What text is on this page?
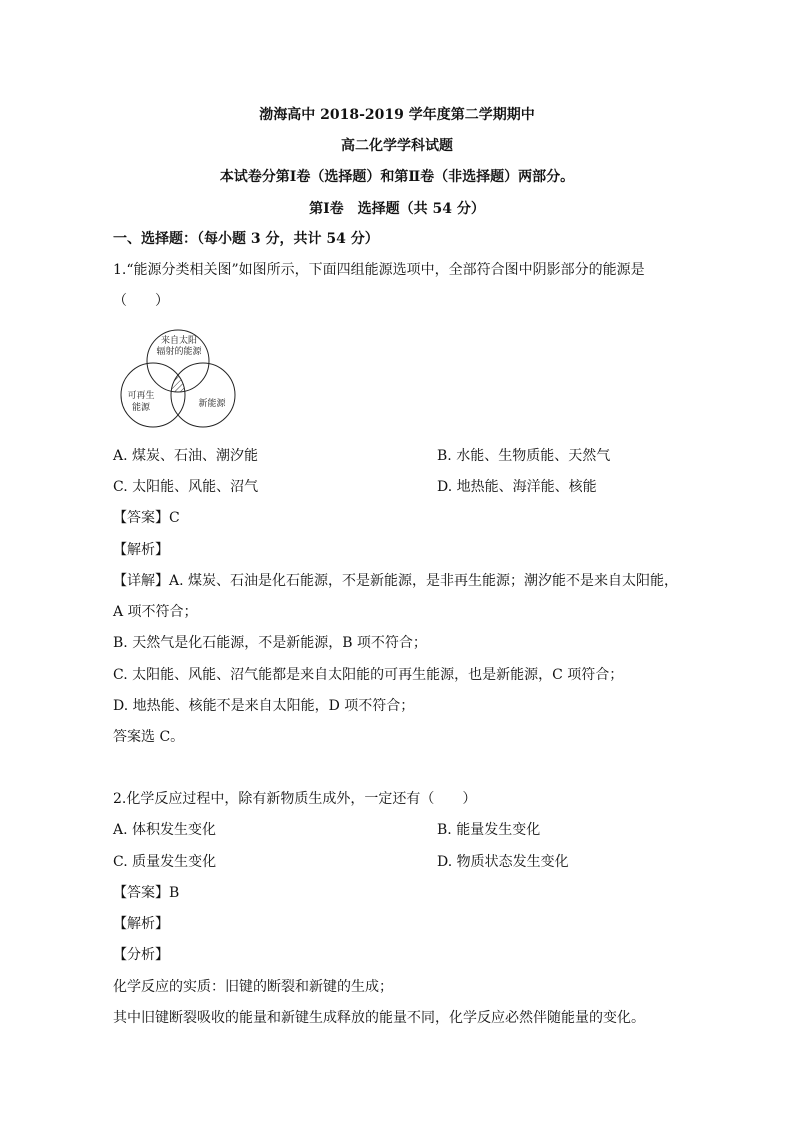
渤海高中 2018-2019 学年度第二学期期中
高二化学学科试题
本试卷分第Ⅰ卷（选择题）和第Ⅱ卷（非选择题）两部分。
第Ⅰ卷　选择题（共 54 分）
一、选择题：（每小题 3 分，共计 54 分）
1.“能源分类相关图”如图所示，下面四组能源选项中，全部符合图中阴影部分的能源是
（　　）
来自太阳
辐射的能源
可再生
能源	新能源
A. 煤炭、石油、潮汐能	B. 水能、生物质能、天然气
C. 太阳能、风能、沼气	D. 地热能、海洋能、核能
【答案】C
【解析】
【详解】A. 煤炭、石油是化石能源，不是新能源，是非再生能源；潮汐能不是来自太阳能，
A 项不符合；
B. 天然气是化石能源，不是新能源，B 项不符合；
C. 太阳能、风能、沼气能都是来自太阳能的可再生能源，也是新能源，C 项符合；
D. 地热能、核能不是来自太阳能，D 项不符合；
答案选 C。
2.化学反应过程中，除有新物质生成外，一定还有（　　）
A. 体积发生变化	B. 能量发生变化
C. 质量发生变化	D. 物质状态发生变化
【答案】B
【解析】
【分析】
化学反应的实质：旧键的断裂和新键的生成；
其中旧键断裂吸收的能量和新键生成释放的能量不同，化学反应必然伴随能量的变化。
